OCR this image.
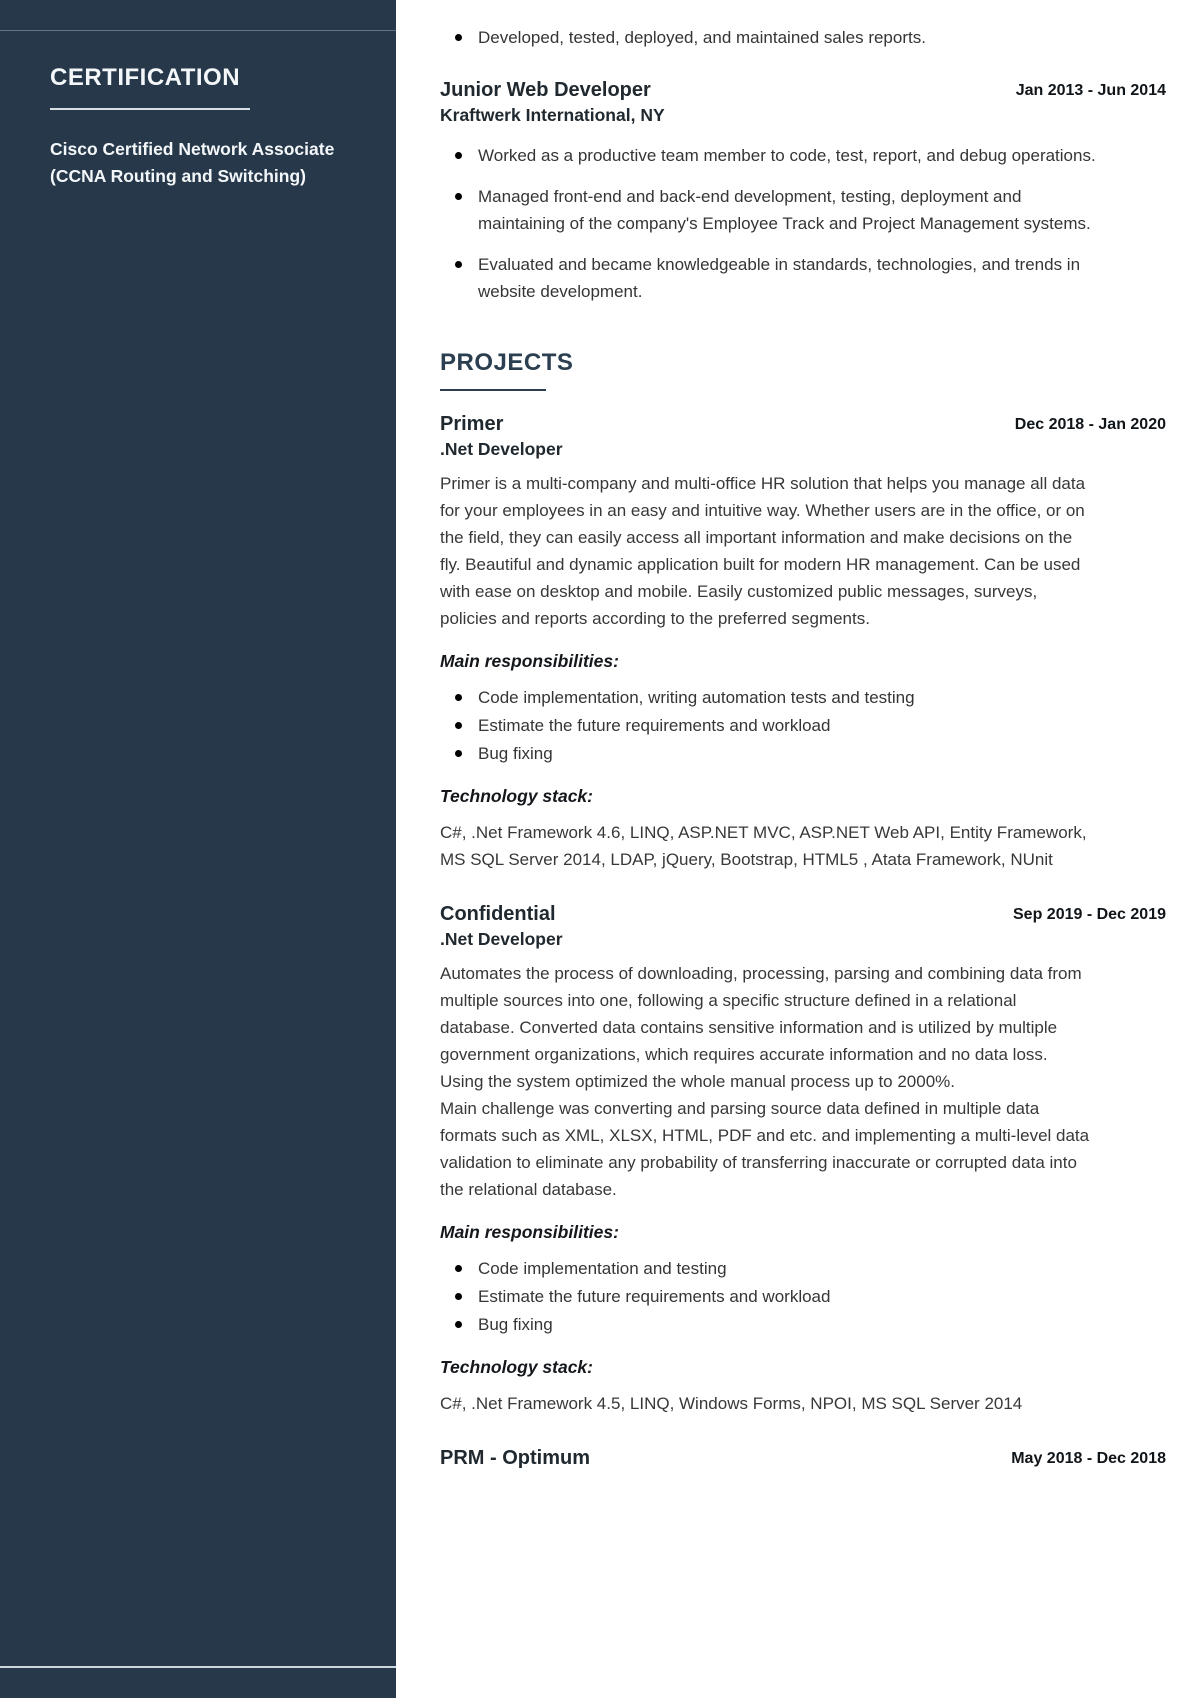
CERTIFICATION

Cisco Certified Network Associate (CCNA Routing and Switching)

Developed, tested, deployed, and maintained sales reports.
Junior Web Developer
Kraftwerk International, NY
Jan 2013 - Jun 2014
Worked as a productive team member to code, test, report, and debug operations.
Managed front-end and back-end development, testing, deployment and maintaining of the company's Employee Track and Project Management systems.
Evaluated and became knowledgeable in standards, technologies, and trends in website development.
PROJECTS
Primer
.Net Developer
Dec 2018 - Jan 2020

Primer is a multi-company and multi-office HR solution that helps you manage all data for your employees in an easy and intuitive way. Whether users are in the office, or on the field, they can easily access all important information and make decisions on the fly. Beautiful and dynamic application built for modern HR management. Can be used with ease on desktop and mobile. Easily customized public messages, surveys, policies and reports according to the preferred segments.

Main responsibilities:

Code implementation, writing automation tests and testing
Estimate the future requirements and workload
Bug fixing

Technology stack:

C#, .Net Framework 4.6, LINQ, ASP.NET MVC, ASP.NET Web API, Entity Framework, MS SQL Server 2014, LDAP, jQuery, Bootstrap, HTML5 , Atata Framework, NUnit

Confidential
.Net Developer
Sep 2019 - Dec 2019

Automates the process of downloading, processing, parsing and combining data from multiple sources into one, following a specific structure defined in a relational database. Converted data contains sensitive information and is utilized by multiple government organizations, which requires accurate information and no data loss. Using the system optimized the whole manual process up to 2000%.

Main challenge was converting and parsing source data defined in multiple data formats such as XML, XLSX, HTML, PDF and etc. and implementing a multi-level data validation to eliminate any probability of transferring inaccurate or corrupted data into the relational database.

Main responsibilities:

Code implementation and testing
Estimate the future requirements and workload
Bug fixing

Technology stack:

C#, .Net Framework 4.5, LINQ, Windows Forms, NPOI, MS SQL Server 2014

PRM - Optimum	May 2018 - Dec 2018
